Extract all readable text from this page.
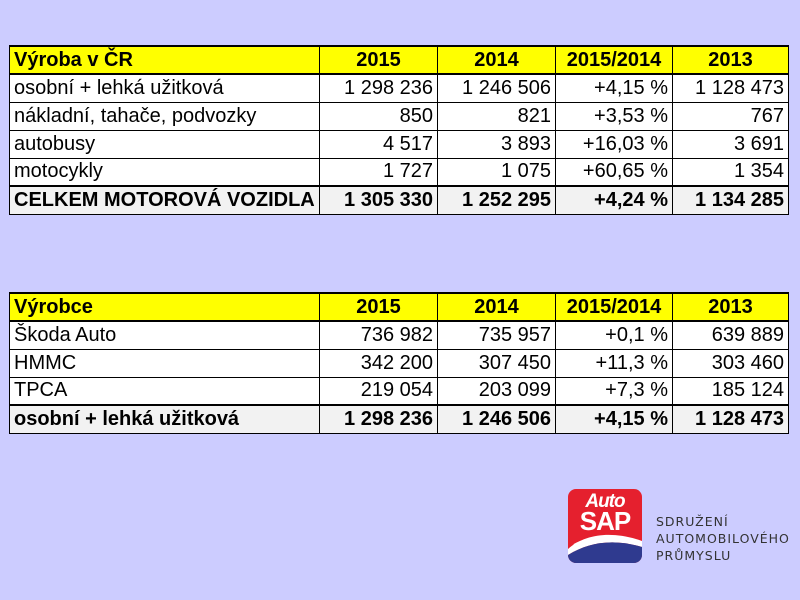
Výroba v ČR	2015	2014	2015/2014	2013
osobní + lehká užitková	1 298 236	1 246 506	+4,15 %	1 128 473
nákladní, tahače, podvozky	850	821	+3,53 %	767
autobusy	4 517	3 893	+16,03 %	3 691
motocykly	1 727	1 075	+60,65 %	1 354
CELKEM MOTOROVÁ VOZIDLA	1 305 330	1 252 295	+4,24 %	1 134 285
Výrobce	2015	2014	2015/2014	2013
Škoda Auto	736 982	735 957	+0,1 %	639 889
HMMC	342 200	307 450	+11,3 %	303 460
TPCA	219 054	203 099	+7,3 %	185 124
osobní + lehká užitková	1 298 236	1 246 506	+4,15 %	1 128 473
Auto
SAP	SDRUŽENÍ
AUTOMOBILOVÉHO
PRŮMYSLU
